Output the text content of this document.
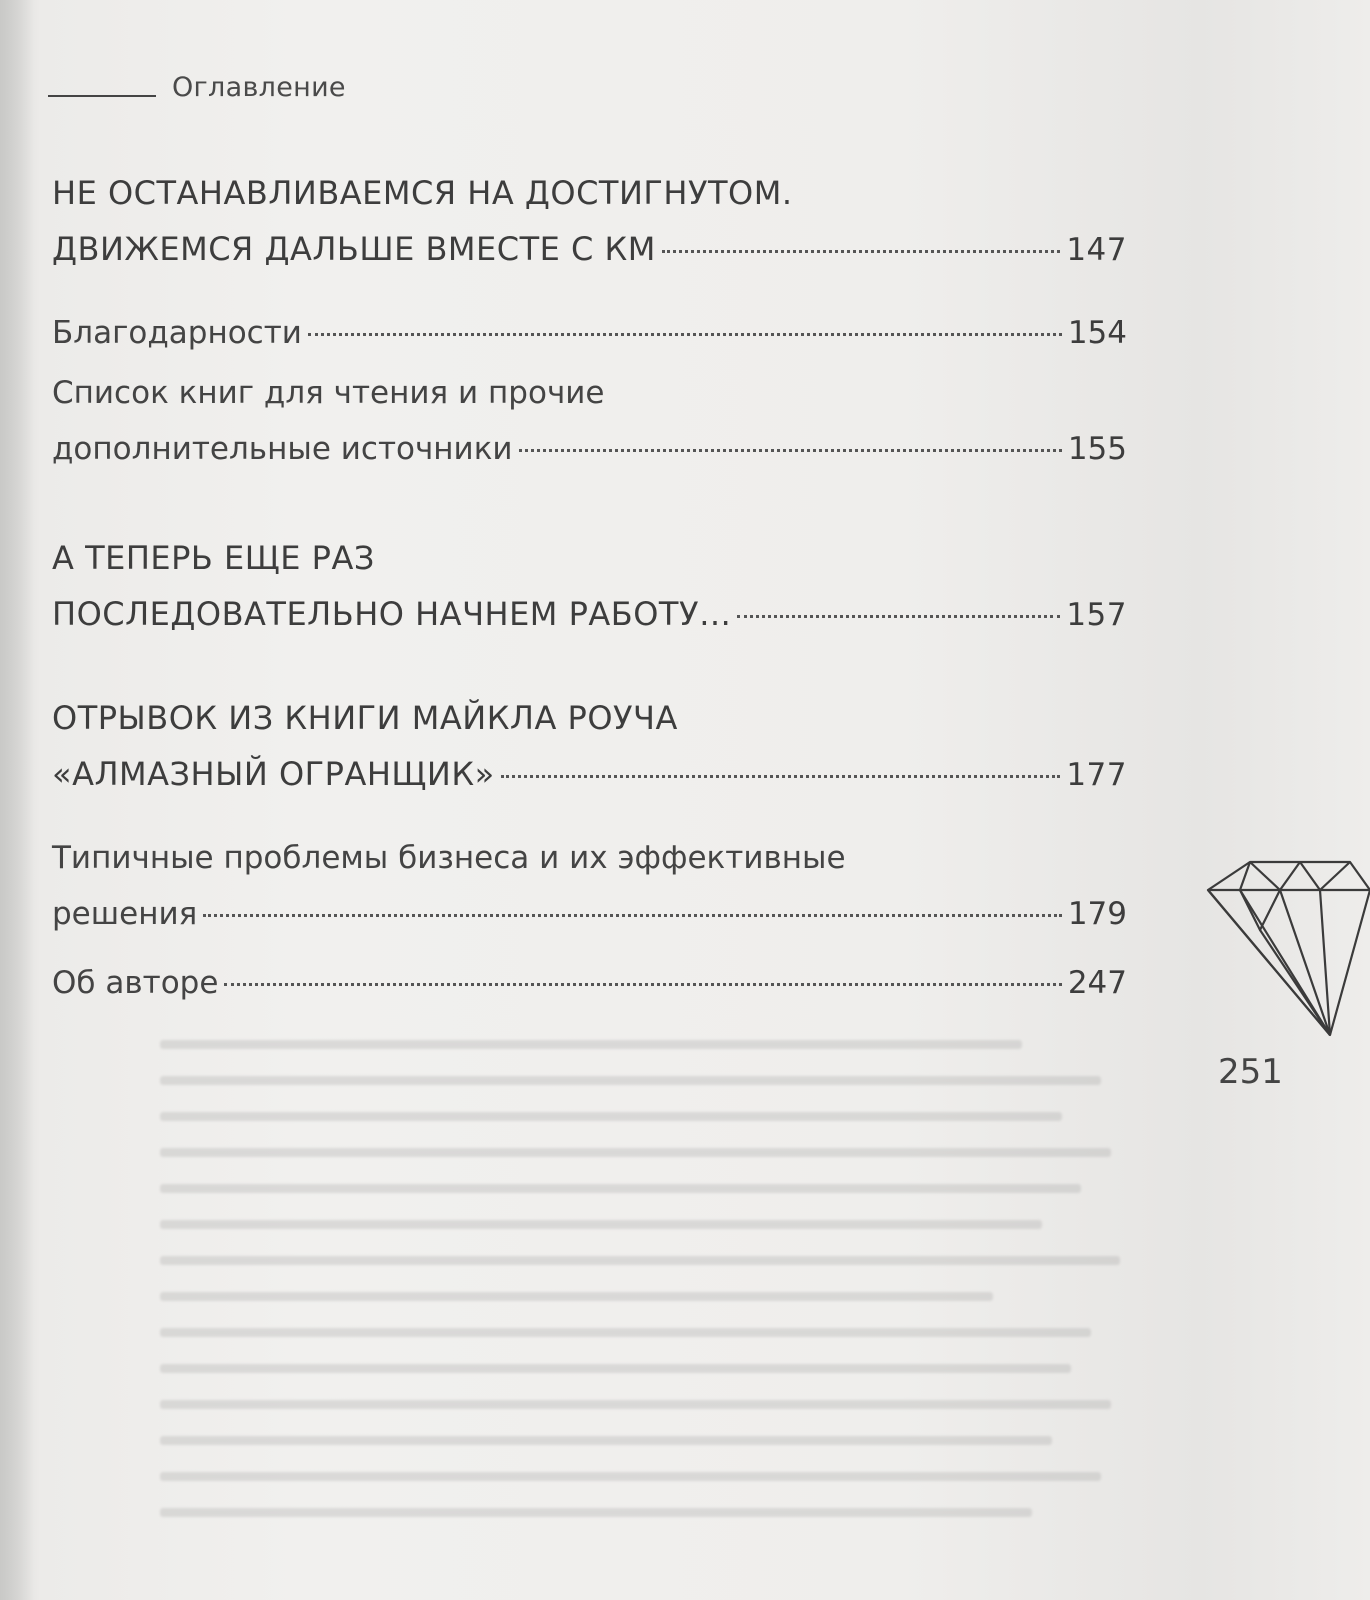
Оглавление
НЕ ОСТАНАВЛИВАЕМСЯ НА ДОСТИГНУТОМ.
ДВИЖЕМСЯ ДАЛЬШЕ ВМЕСТЕ С КМ	147
Благодарности	154
Список книг для чтения и прочие
дополнительные источники	155
А ТЕПЕРЬ ЕЩЕ РАЗ
ПОСЛЕДОВАТЕЛЬНО НАЧНЕМ РАБОТУ…	157
ОТРЫВОК ИЗ КНИГИ МАЙКЛА РОУЧА
«АЛМАЗНЫЙ ОГРАНЩИК»	177
Типичные проблемы бизнеса и их эффективные
решения	179
Об авторе	247
251
